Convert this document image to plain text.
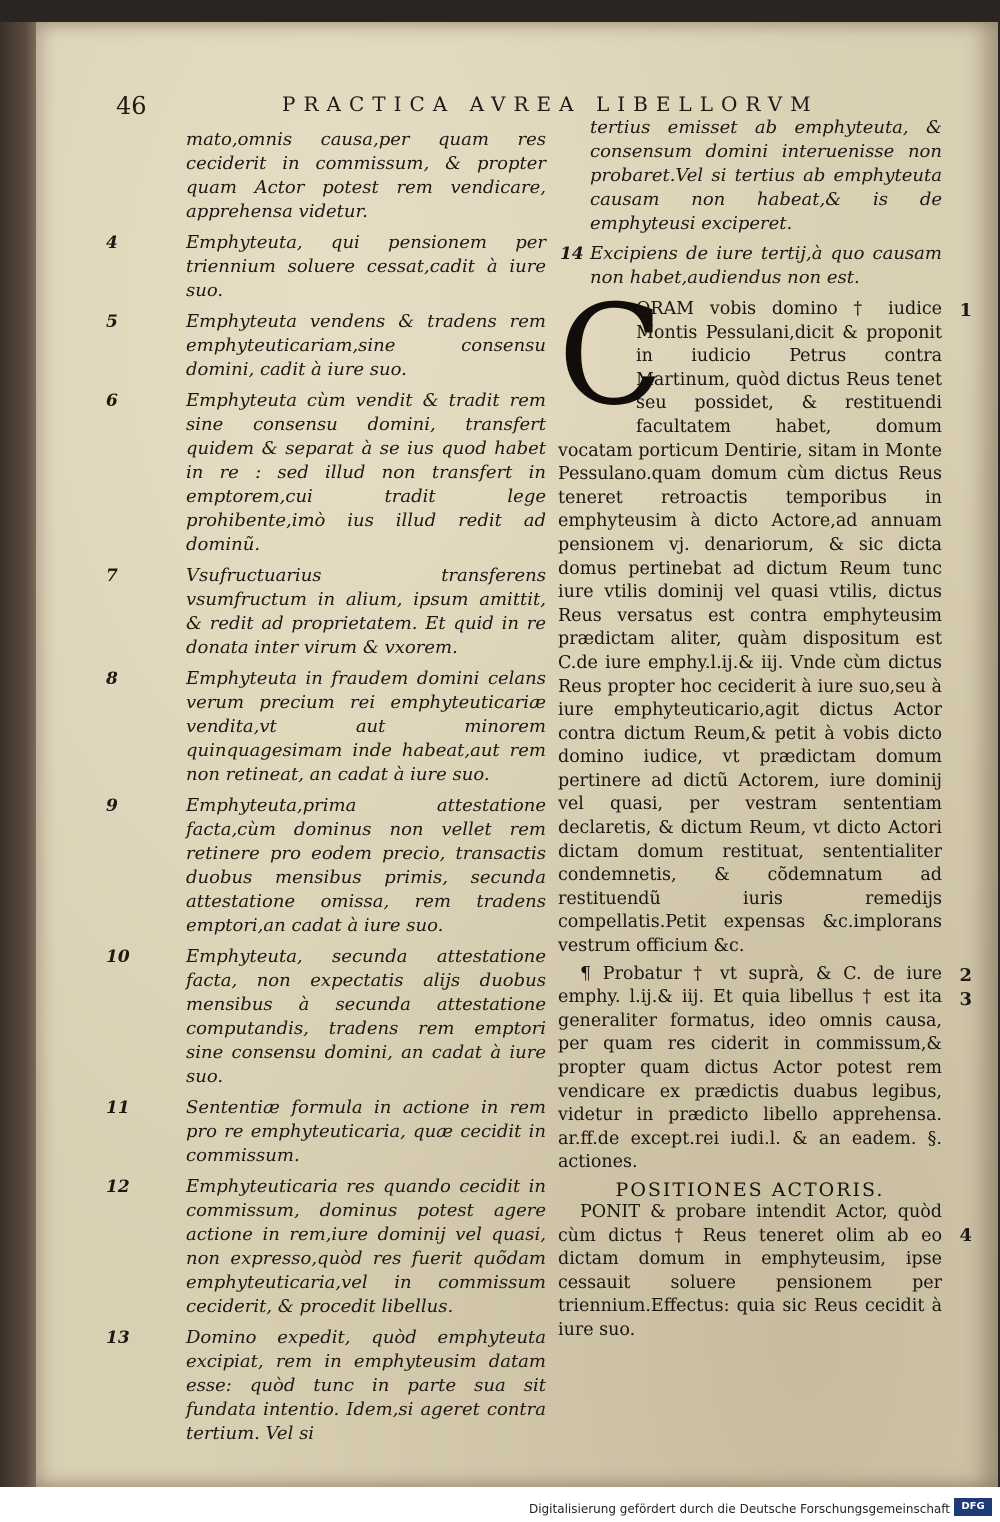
46	PRACTICA AVREA LIBELLORVM
mato,omnis causa,per quam res ceciderit in commissum, & propter quam Actor potest rem vendicare, apprehensa videtur.
4	Emphyteuta, qui pensionem per triennium soluere cessat,cadit à iure suo.
5	Emphyteuta vendens & tradens rem emphyteuticariam,sine consensu domini, cadit à iure suo.
6	Emphyteuta cùm vendit & tradit rem sine consensu domini, transfert quidem & separat à se ius quod habet in re : sed illud non transfert in emptorem,cui tradit lege prohibente,imò ius illud redit ad dominũ.
7	Vsufructuarius transferens vsumfructum in alium, ipsum amittit, & redit ad proprietatem. Et quid in re donata inter virum & vxorem.
8	Emphyteuta in fraudem domini celans verum precium rei emphyteuticariæ vendita,vt aut minorem quinquagesimam inde habeat,aut rem non retineat, an cadat à iure suo.
9	Emphyteuta,prima attestatione facta,cùm dominus non vellet rem retinere pro eodem precio, transactis duobus mensibus primis, secunda attestatione omissa, rem tradens emptori,an cadat à iure suo.
10	Emphyteuta, secunda attestatione facta, non expectatis alijs duobus mensibus à secunda attestatione computandis, tradens rem emptori sine consensu domini, an cadat à iure suo.
11	Sententiæ formula in actione in rem pro re emphyteuticaria, quæ cecidit in commissum.
12	Emphyteuticaria res quando cecidit in commissum, dominus potest agere actione in rem,iure dominij vel quasi, non expresso,quòd res fuerit quõdam emphyteuticaria,vel in commissum ceciderit, & procedit libellus.
13	Domino expedit, quòd emphyteuta excipiat, rem in emphyteusim datam esse: quòd tunc in parte sua sit fundata intentio. Idem,si ageret contra tertium. Vel si
tertius emisset ab emphyteuta, & consensum domini interuenisse non probaret.Vel si tertius ab emphyteuta causam non habeat,& is de emphyteusi exciperet.
14 Excipiens de iure tertij,à quo causam non habet,audiendus non est.
1
C

ORAM vobis domino † iudice Montis Pessulani,dicit & proponit in iudicio Petrus contra Martinum, quòd dictus Reus tenet seu possidet, & restituendi facultatem habet, domum vocatam porticum Dentirie, sitam in Monte Pessulano.quam domum cùm dictus Reus teneret retroactis temporibus in emphyteusim à dicto Actore,ad annuam pensionem vj. denariorum, & sic dicta domus pertinebat ad dictum Reum tunc iure vtilis dominij vel quasi vtilis, dictus Reus versatus est contra emphyteusim prædictam aliter, quàm dispositum est C.de iure emphy.l.ij.& iij. Vnde cùm dictus Reus propter hoc ceciderit à iure suo,seu à iure emphyteuticario,agit dictus Actor contra dictum Reum,& petit à vobis dicto domino iudice, vt prædictam domum pertinere ad dictũ Actorem, iure dominij vel quasi, per vestram sententiam declaretis, & dictum Reum, vt dicto Actori dictam domum restituat, sententialiter condemnetis, & cõdemnatum ad restituendũ iuris remedijs compellatis.Petit expensas &c.implorans vestrum officium &c.

2
3

¶ Probatur † vt suprà, & C. de iure emphy. l.ij.& iij. Et quia libellus † est ita generaliter formatus, ideo omnis causa, per quam res ciderit in commissum,& propter quam dictus Actor potest rem vendicare ex prædictis duabus legibus, videtur in prædicto libello apprehensa. ar.ff.de except.rei iudi.l. & an eadem. §. actiones.

POSITIONES ACTORIS.
4

PONIT & probare intendit Actor, quòd cùm dictus † Reus teneret olim ab eo dictam domum in emphyteusim, ipse cessauit soluere pensionem per triennium.Effectus: quia sic Reus cecidit à iure suo.

Digitalisierung gefördert durch die Deutsche Forschungsgemeinschaft	DFG
